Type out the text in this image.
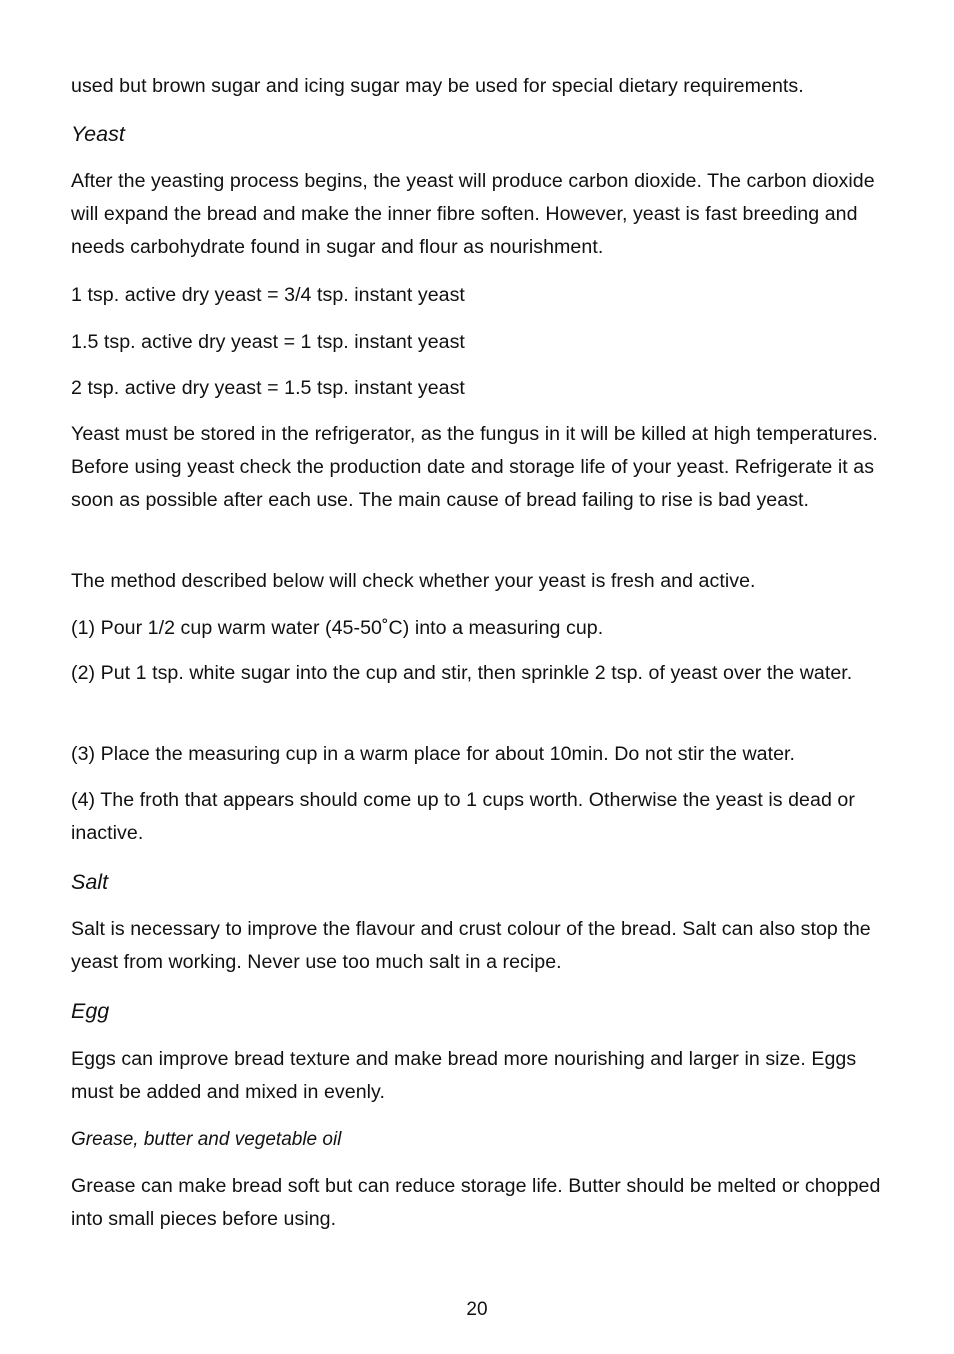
used but brown sugar and icing sugar may be used for special dietary requirements.
Yeast
After the yeasting process begins, the yeast will produce carbon dioxide. The carbon dioxide will expand the bread and make the inner fibre soften. However, yeast is fast breeding and needs carbohydrate found in sugar and flour as nourishment.
1 tsp. active dry yeast = 3/4 tsp. instant yeast
1.5 tsp. active dry yeast = 1 tsp. instant yeast
2 tsp. active dry yeast = 1.5 tsp. instant yeast
Yeast must be stored in the refrigerator, as the fungus in it will be killed at high temperatures. Before using yeast check the production date and storage life of your yeast. Refrigerate it as soon as possible after each use. The main cause of bread failing to rise is bad yeast.
The method described below will check whether your yeast is fresh and active.
(1) Pour 1/2 cup warm water (45-50˚C) into a measuring cup.
(2) Put 1 tsp. white sugar into the cup and stir, then sprinkle 2 tsp. of yeast over the water.
(3) Place the measuring cup in a warm place for about 10min. Do not stir the water.
(4) The froth that appears should come up to 1 cups worth. Otherwise the yeast is dead or inactive.
Salt
Salt is necessary to improve the flavour and crust colour of the bread. Salt can also stop the yeast from working. Never use too much salt in a recipe.
Egg
Eggs can improve bread texture and make bread more nourishing and larger in size. Eggs must be added and mixed in evenly.
Grease, butter and vegetable oil
Grease can make bread soft but can reduce storage life. Butter should be melted or chopped into small pieces before using.
20
